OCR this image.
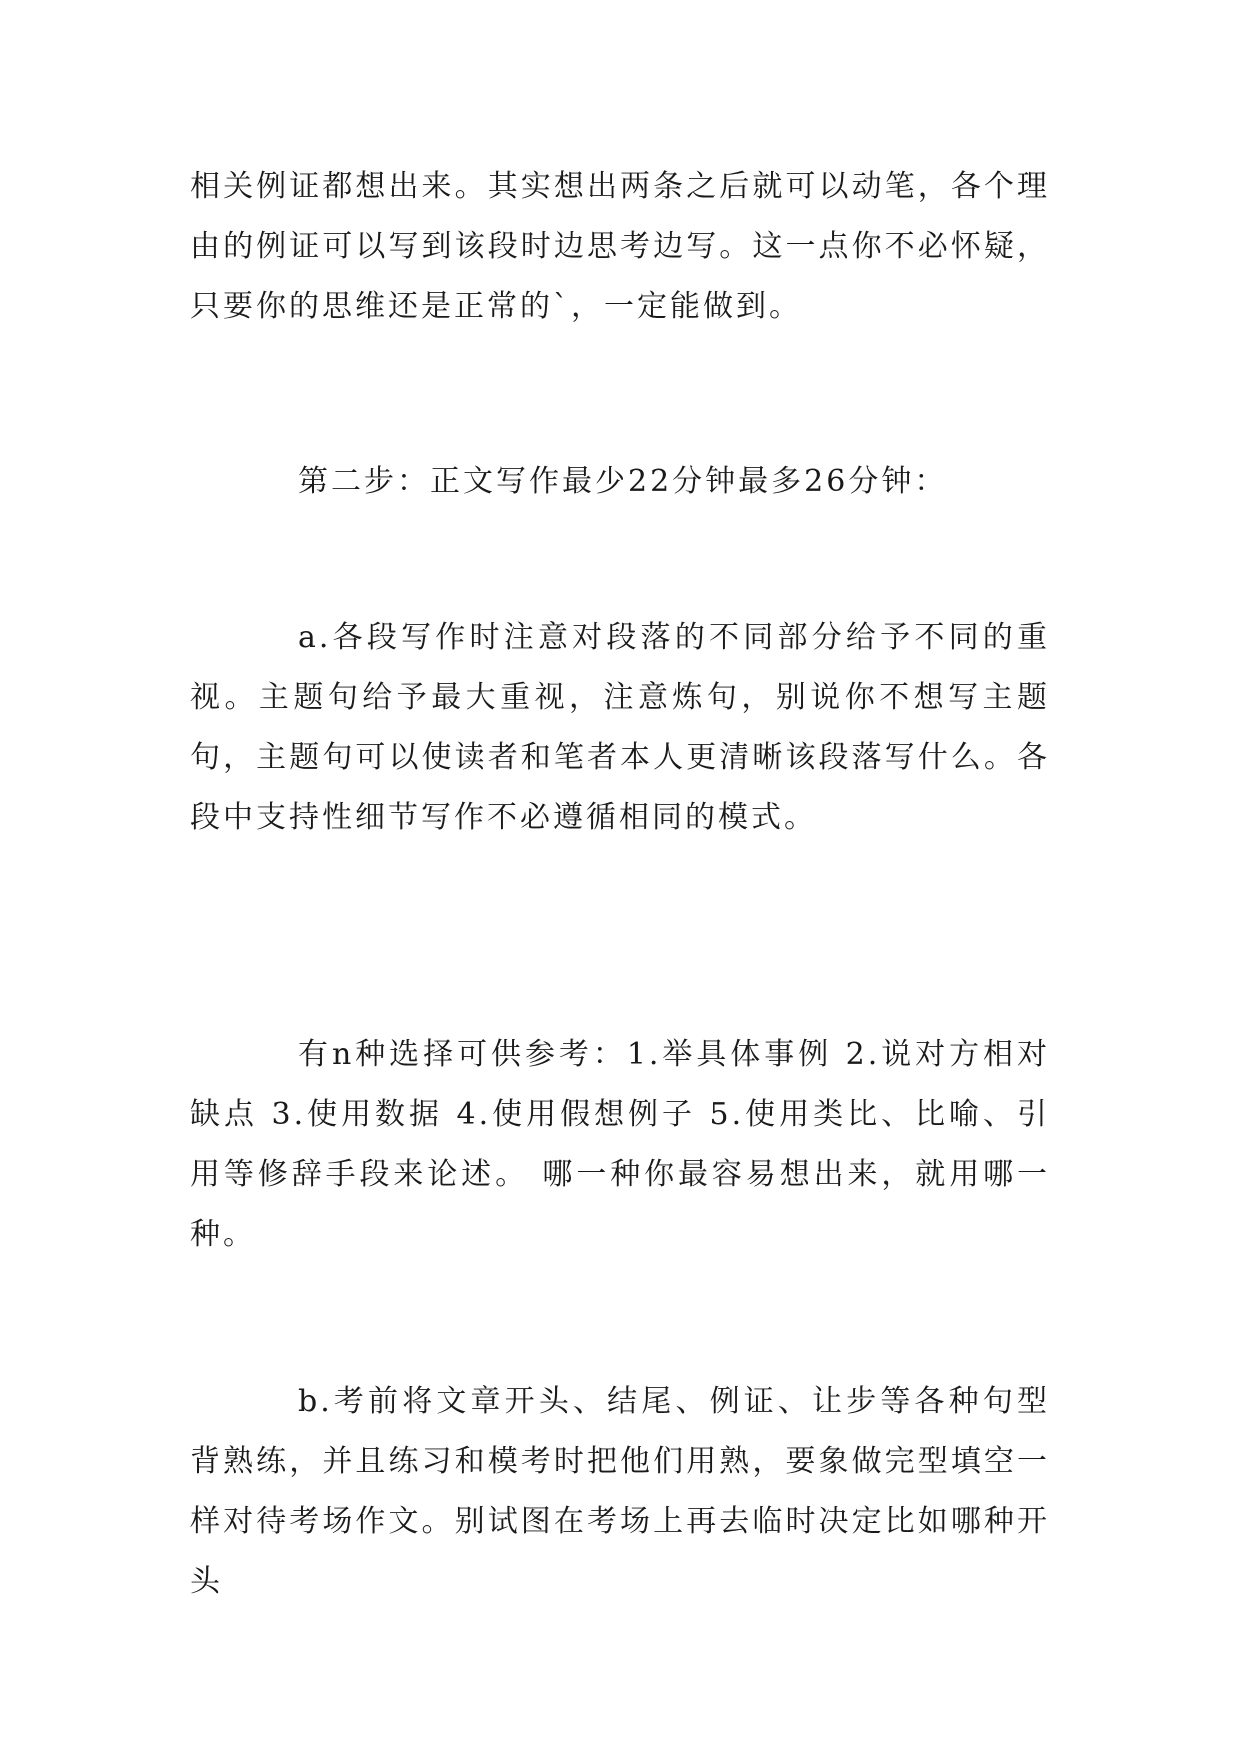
相关例证都想出来。其实想出两条之后就可以动笔，各个理由的例证可以写到该段时边思考边写。这一点你不必怀疑，只要你的思维还是正常的`，一定能做到。

第二步：正文写作最少22分钟最多26分钟：

a.各段写作时注意对段落的不同部分给予不同的重视。主题句给予最大重视，注意炼句，别说你不想写主题句，主题句可以使读者和笔者本人更清晰该段落写什么。各段中支持性细节写作不必遵循相同的模式。

有n种选择可供参考：1.举具体事例 2.说对方相对缺点 3.使用数据 4.使用假想例子 5.使用类比、比喻、引用等修辞手段来论述。 哪一种你最容易想出来，就用哪一种。

b.考前将文章开头、结尾、例证、让步等各种句型背熟练，并且练习和模考时把他们用熟，要象做完型填空一样对待考场作文。别试图在考场上再去临时决定比如哪种开头
